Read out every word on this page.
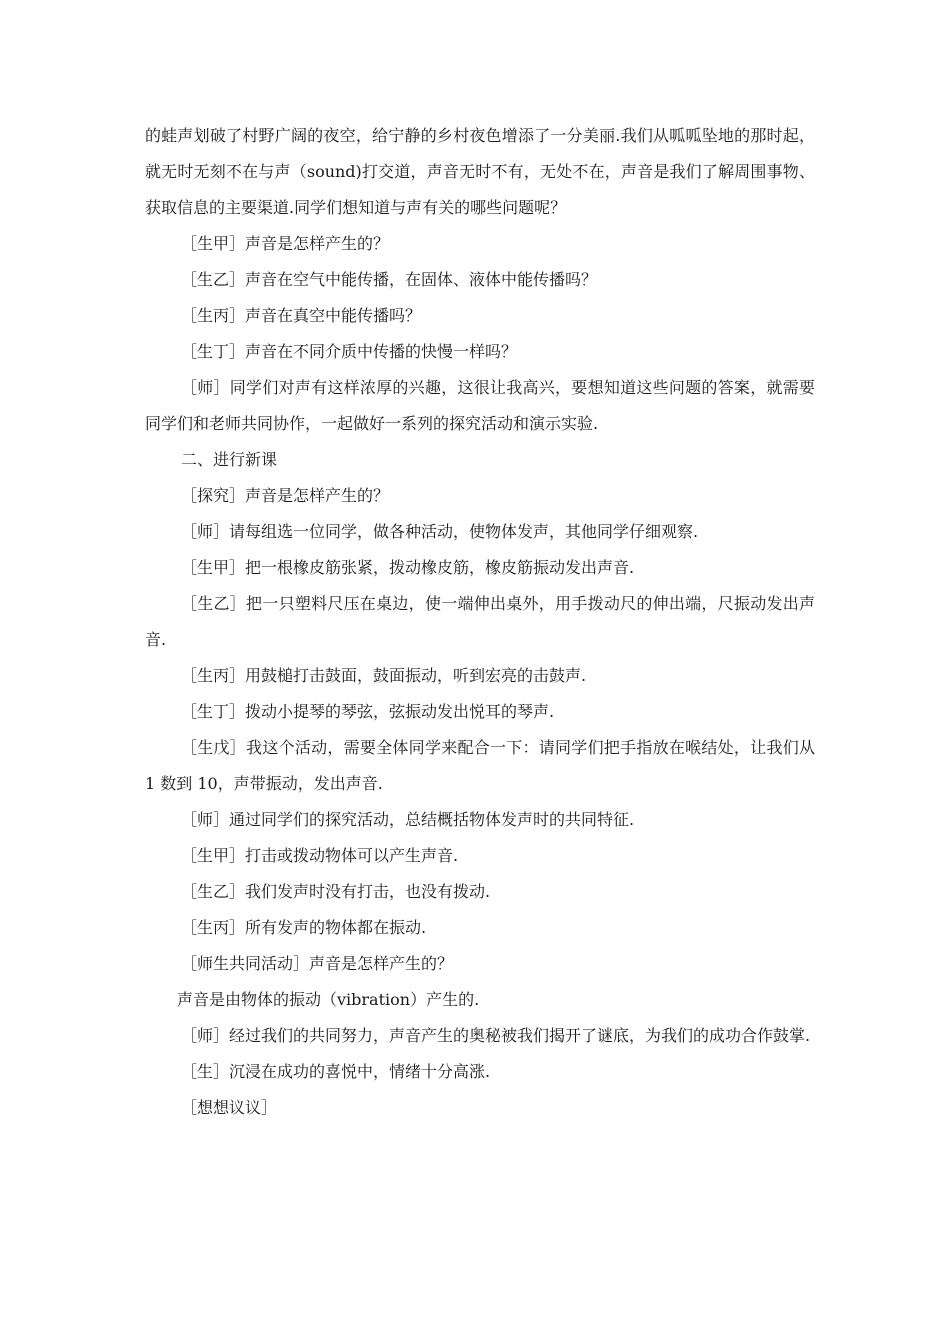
的蛙声划破了村野广阔的夜空，给宁静的乡村夜色增添了一分美丽.我们从呱呱坠地的那时起，就无时无刻不在与声（sound)打交道，声音无时不有，无处不在，声音是我们了解周围事物、获取信息的主要渠道.同学们想知道与声有关的哪些问题呢？

［生甲］声音是怎样产生的？

［生乙］声音在空气中能传播，在固体、液体中能传播吗？

［生丙］声音在真空中能传播吗？

［生丁］声音在不同介质中传播的快慢一样吗？

［师］同学们对声有这样浓厚的兴趣，这很让我高兴，要想知道这些问题的答案，就需要同学们和老师共同协作，一起做好一系列的探究活动和演示实验.

二、进行新课

［探究］声音是怎样产生的？

［师］请每组选一位同学，做各种活动，使物体发声，其他同学仔细观察.

［生甲］把一根橡皮筋张紧，拨动橡皮筋，橡皮筋振动发出声音.

［生乙］把一只塑料尺压在桌边，使一端伸出桌外，用手拨动尺的伸出端，尺振动发出声音.

［生丙］用鼓槌打击鼓面，鼓面振动，听到宏亮的击鼓声.

［生丁］拨动小提琴的琴弦，弦振动发出悦耳的琴声.

［生戊］我这个活动，需要全体同学来配合一下：请同学们把手指放在喉结处，让我们从 1 数到 10，声带振动，发出声音.

［师］通过同学们的探究活动，总结概括物体发声时的共同特征.

［生甲］打击或拨动物体可以产生声音.

［生乙］我们发声时没有打击，也没有拨动.

［生丙］所有发声的物体都在振动.

［师生共同活动］声音是怎样产生的？

声音是由物体的振动（vibration）产生的.

［师］经过我们的共同努力，声音产生的奥秘被我们揭开了谜底，为我们的成功合作鼓掌.

［生］沉浸在成功的喜悦中，情绪十分高涨.

［想想议议］
